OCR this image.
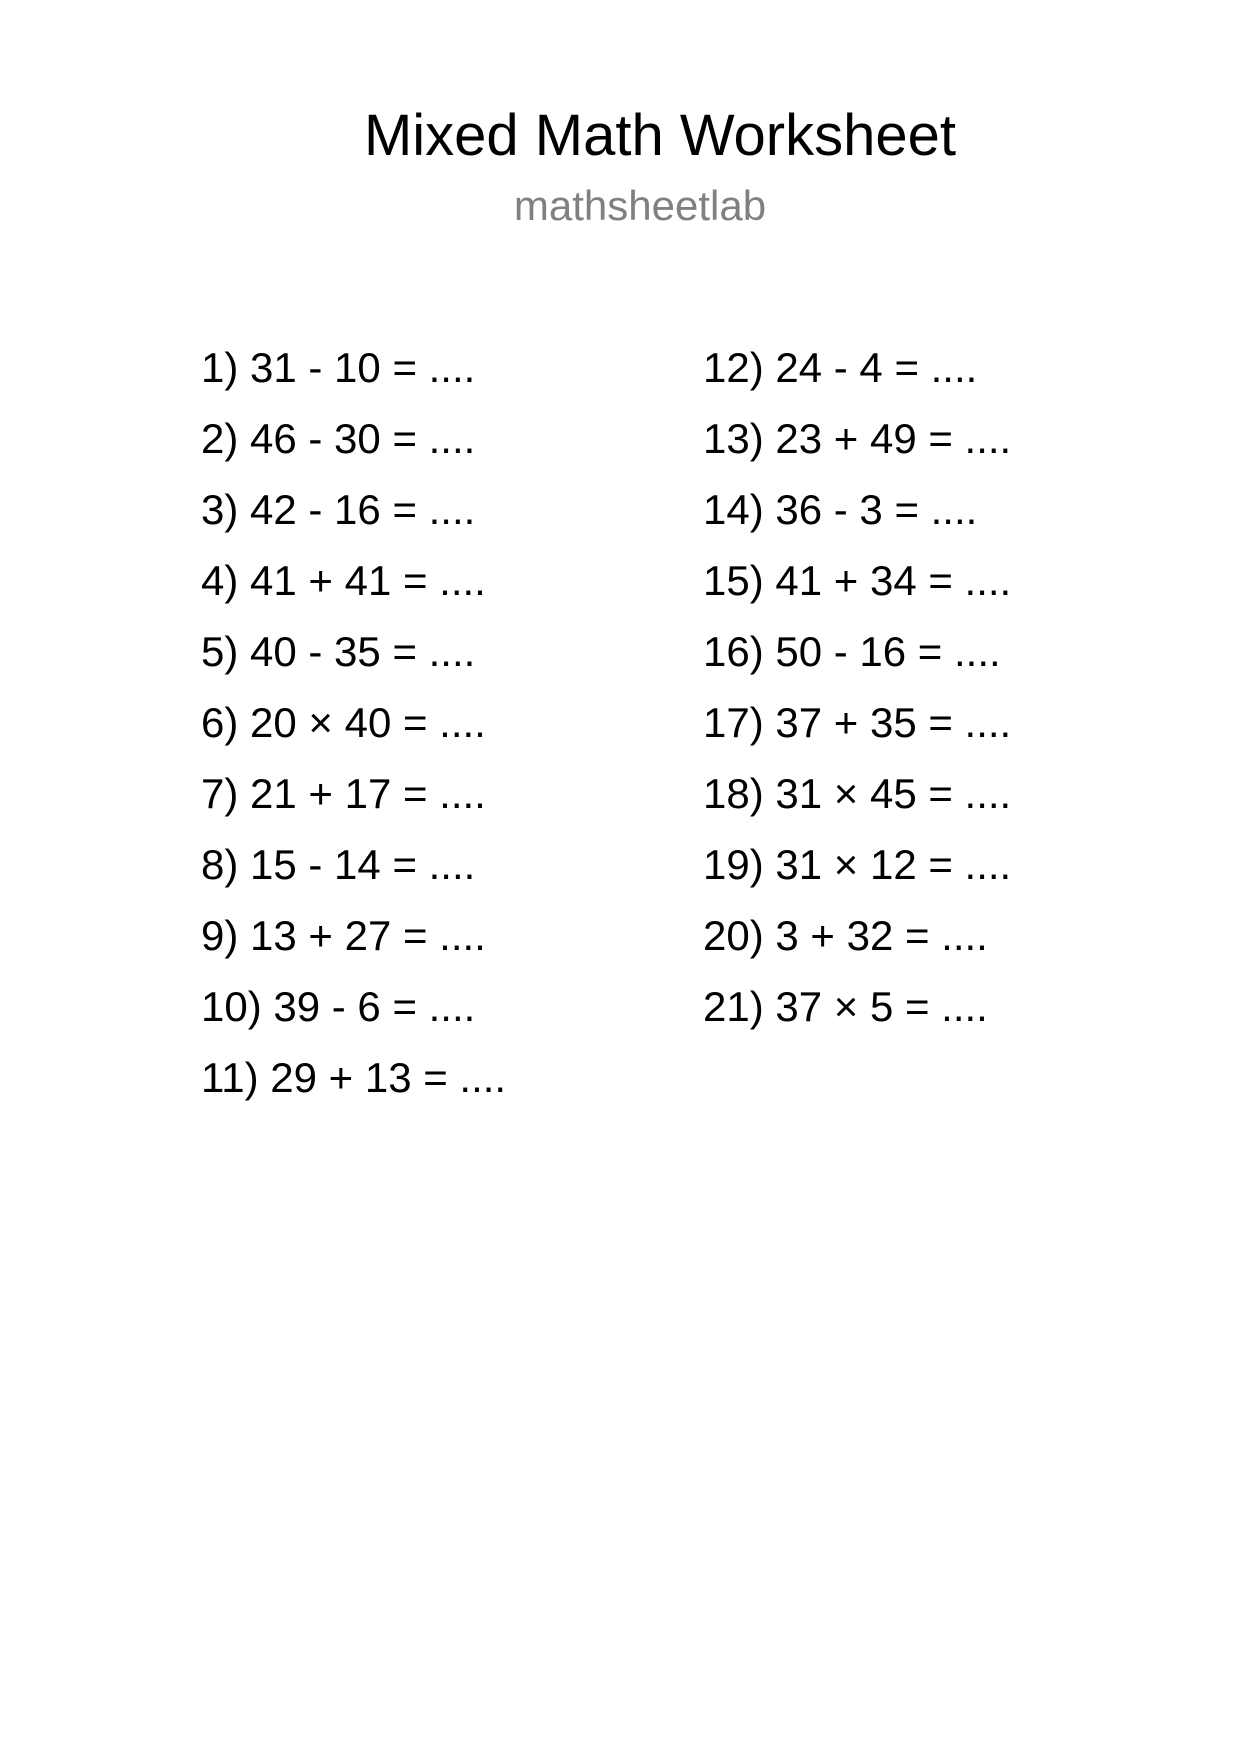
Mixed Math Worksheet
mathsheetlab
1) 31 - 10 = ....
2) 46 - 30 = ....
3) 42 - 16 = ....
4) 41 + 41 = ....
5) 40 - 35 = ....
6) 20 × 40 = ....
7) 21 + 17 = ....
8) 15 - 14 = ....
9) 13 + 27 = ....
10) 39 - 6 = ....
11) 29 + 13 = ....
12) 24 - 4 = ....
13) 23 + 49 = ....
14) 36 - 3 = ....
15) 41 + 34 = ....
16) 50 - 16 = ....
17) 37 + 35 = ....
18) 31 × 45 = ....
19) 31 × 12 = ....
20) 3 + 32 = ....
21) 37 × 5 = ....
